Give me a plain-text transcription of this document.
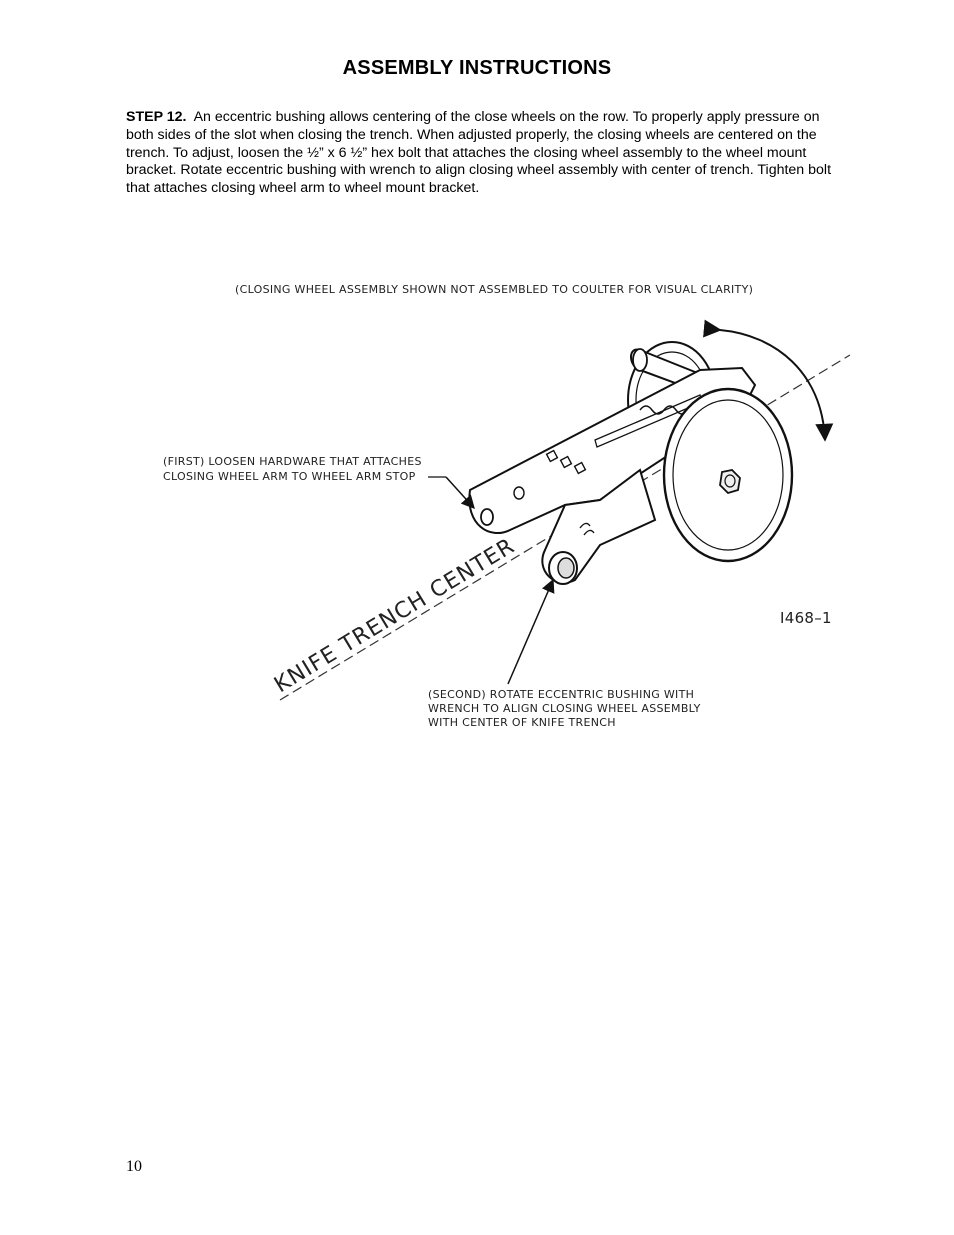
ASSEMBLY INSTRUCTIONS
STEP 12. An eccentric bushing allows centering of the close wheels on the row. To properly apply pressure on both sides of the slot when closing the trench. When adjusted properly, the closing wheels are centered on the trench. To adjust, loosen the ½” x 6 ½” hex bolt that attaches the closing wheel assembly to the wheel mount bracket. Rotate eccentric bushing with wrench to align closing wheel assembly with center of trench. Tighten bolt that attaches closing wheel arm to wheel mount bracket.
(CLOSING WHEEL ASSEMBLY SHOWN NOT ASSEMBLED TO COULTER FOR VISUAL CLARITY)
KNIFE TRENCH CENTER
(FIRST) LOOSEN HARDWARE THAT ATTACHES
CLOSING WHEEL ARM TO WHEEL ARM STOP
(SECOND) ROTATE ECCENTRIC BUSHING WITH
WRENCH TO ALIGN CLOSING WHEEL ASSEMBLY
WITH CENTER OF KNIFE TRENCH
I468–1
10
